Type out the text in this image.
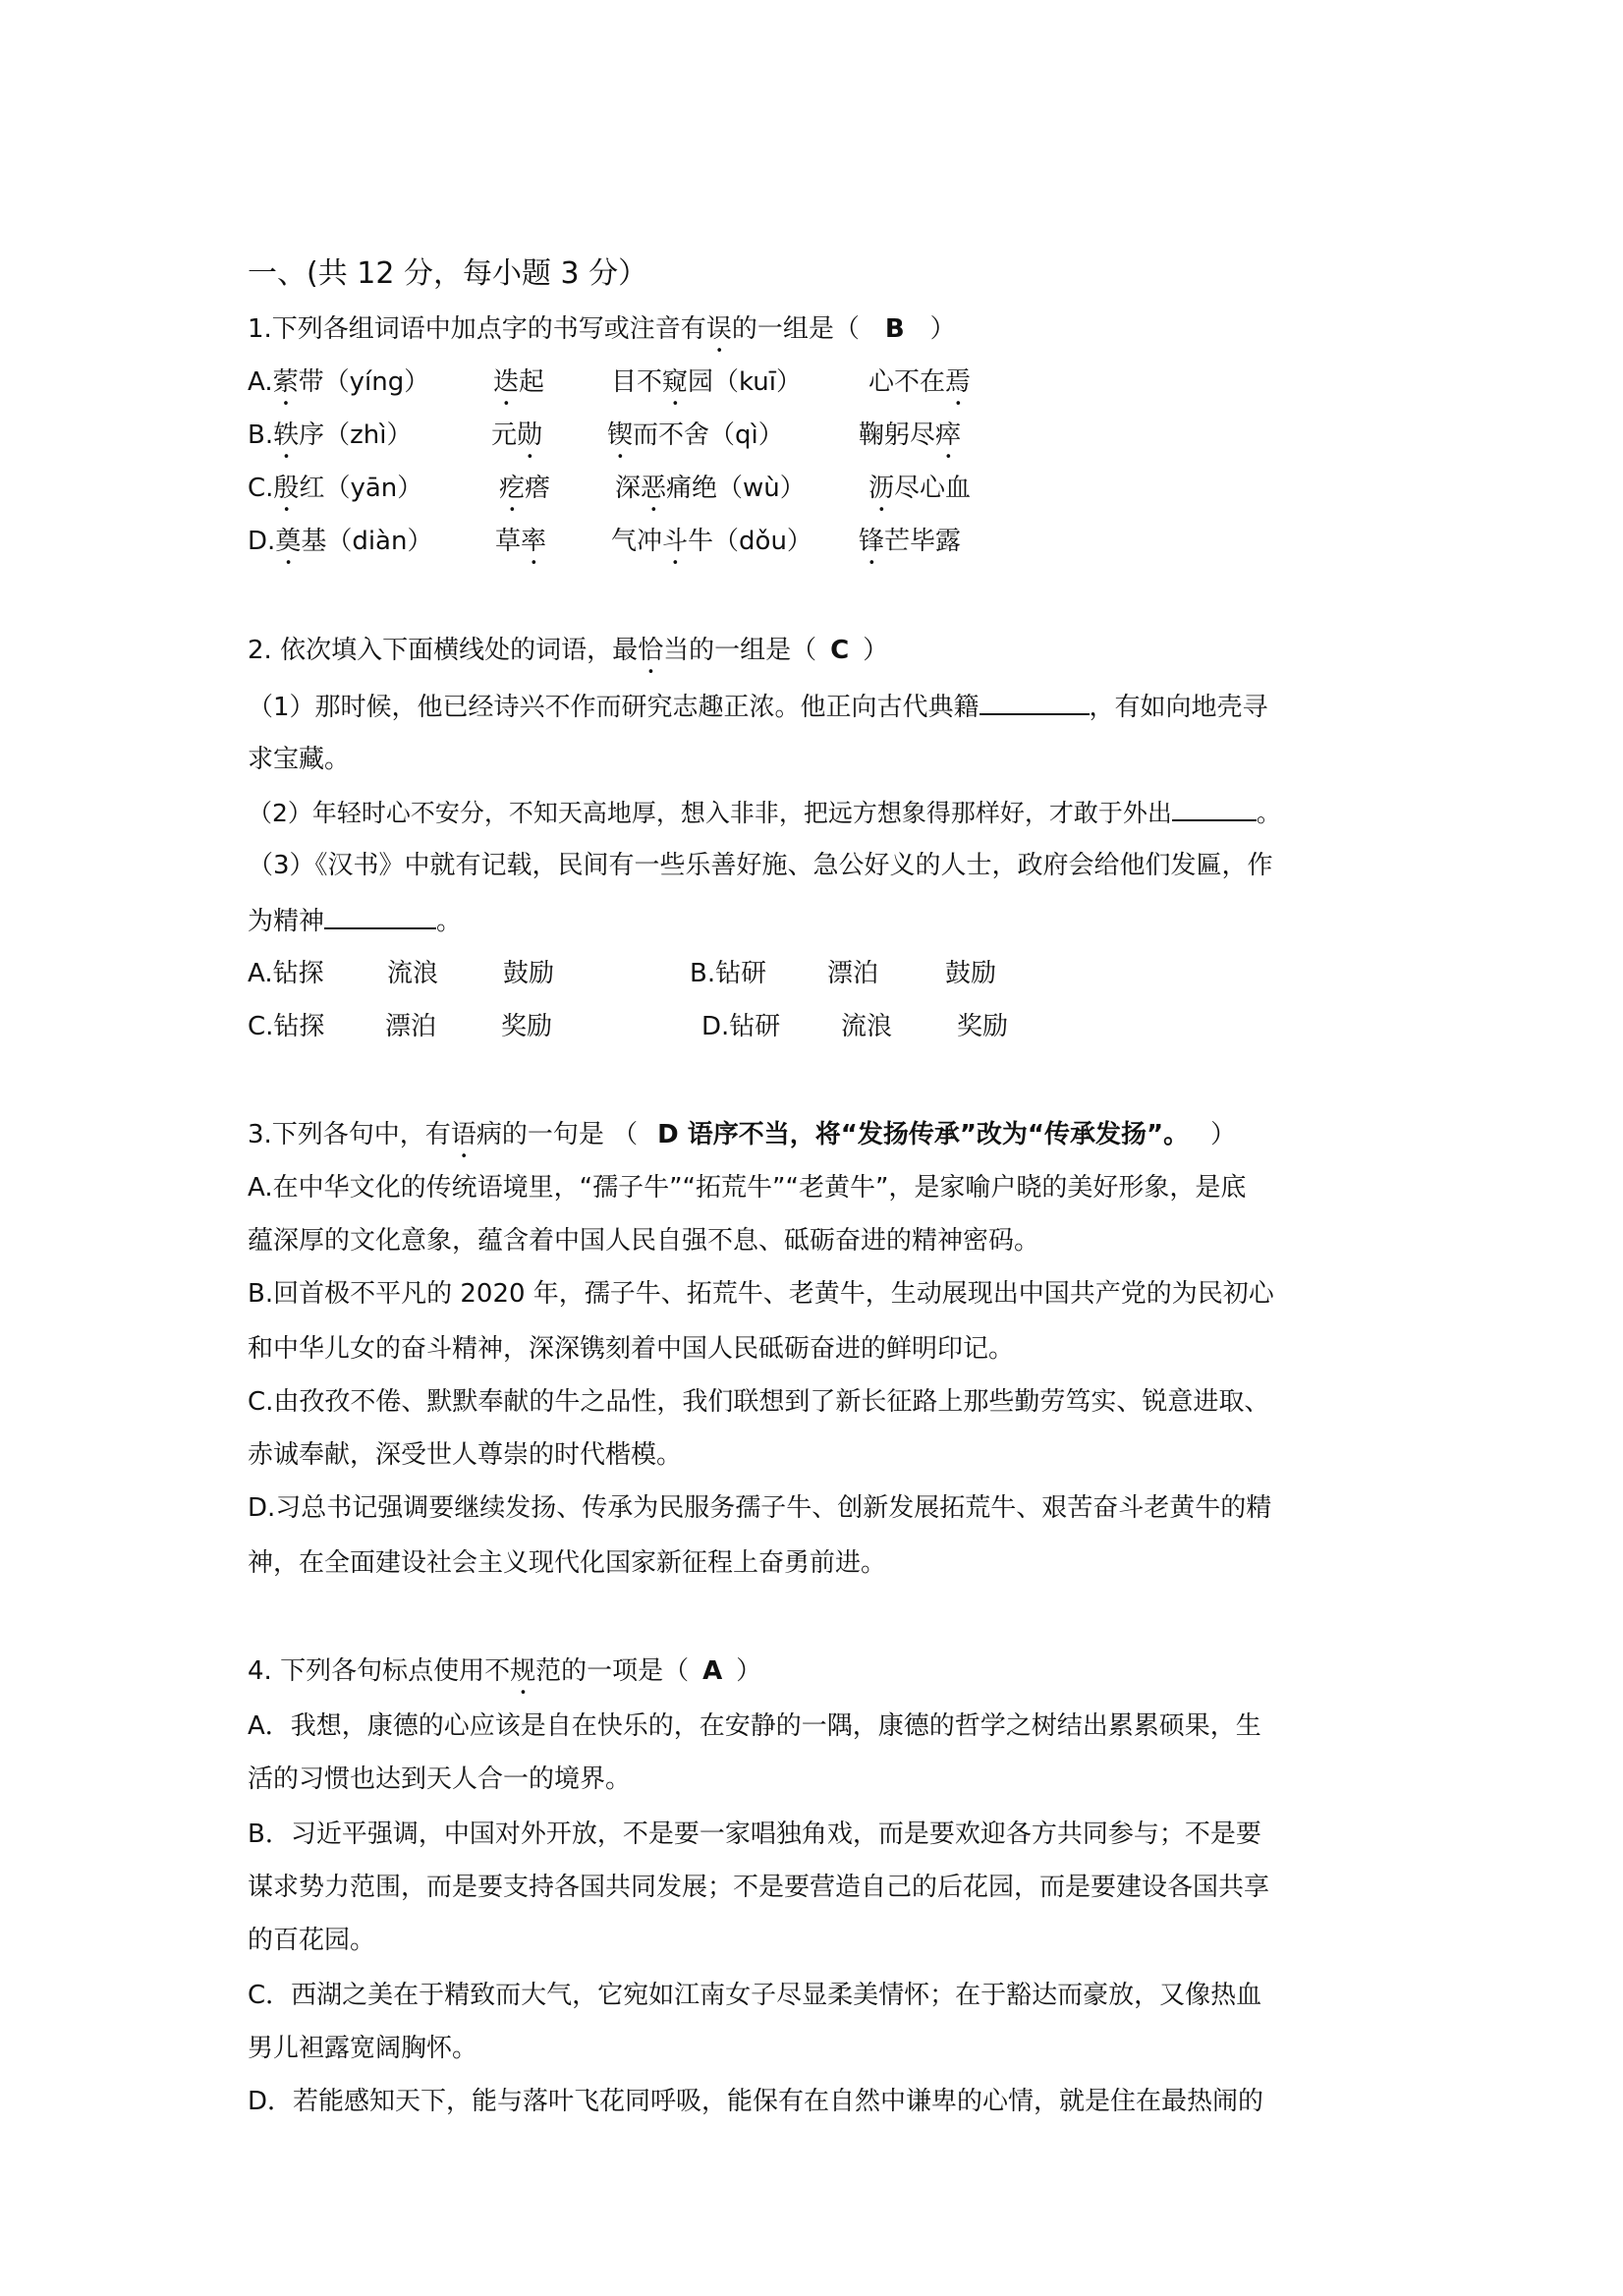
一、(共 12 分，每小题 3 分）
1.下列各组词语中加点字的书写或注音有误的一组是（ B ）
A.萦带（yíng） 迭起	目不窥园（kuī）	心不在焉
B.轶序（zhì）	元勋	锲而不舍（qì）	鞠躬尽瘁
C.殷红（yān）	疙瘩	深恶痛绝（wù） 沥尽心血
D.奠基（diàn） 草率	气冲斗牛（dǒu） 锋芒毕露
2. 依次填入下面横线处的词语，最恰当的一组是（ C ）
（1）那时候，他已经诗兴不作而研究志趣正浓。他正向古代典籍	，有如向地壳寻
求宝藏。
（2）年轻时心不安分，不知天高地厚，想入非非，把远方想象得那样好，才敢于外出	。
（3）《汉书》中就有记载，民间有一些乐善好施、急公好义的人士，政府会给他们发匾，作
为精神	。
A.钻探 流浪	鼓励	B.钻研 漂泊	鼓励
C.钻探 漂泊	奖励	D.钻研 流浪	奖励
3.下列各句中，有语病的一句是 （ D 语序不当，将“发扬传承”改为“传承发扬”。 ）
A.在中华文化的传统语境里，“孺子牛”“拓荒牛”“老黄牛”，是家喻户晓的美好形象，是底
蕴深厚的文化意象，蕴含着中国人民自强不息、砥砺奋进的精神密码。
B.回首极不平凡的 2020 年，孺子牛、拓荒牛、老黄牛，生动展现出中国共产党的为民初心
和中华儿女的奋斗精神，深深镌刻着中国人民砥砺奋进的鲜明印记。
C.由孜孜不倦、默默奉献的牛之品性，我们联想到了新长征路上那些勤劳笃实、锐意进取、
赤诚奉献，深受世人尊崇的时代楷模。
D.习总书记强调要继续发扬、传承为民服务孺子牛、创新发展拓荒牛、艰苦奋斗老黄牛的精
神，在全面建设社会主义现代化国家新征程上奋勇前进。
4. 下列各句标点使用不规范的一项是（ A ）
A．我想，康德的心应该是自在快乐的，在安静的一隅，康德的哲学之树结出累累硕果，生
活的习惯也达到天人合一的境界。
B．习近平强调，中国对外开放，不是要一家唱独角戏，而是要欢迎各方共同参与；不是要
谋求势力范围，而是要支持各国共同发展；不是要营造自己的后花园，而是要建设各国共享
的百花园。
C．西湖之美在于精致而大气，它宛如江南女子尽显柔美情怀；在于豁达而豪放，又像热血
男儿袒露宽阔胸怀。
D．若能感知天下，能与落叶飞花同呼吸，能保有在自然中谦卑的心情，就是住在最热闹的
